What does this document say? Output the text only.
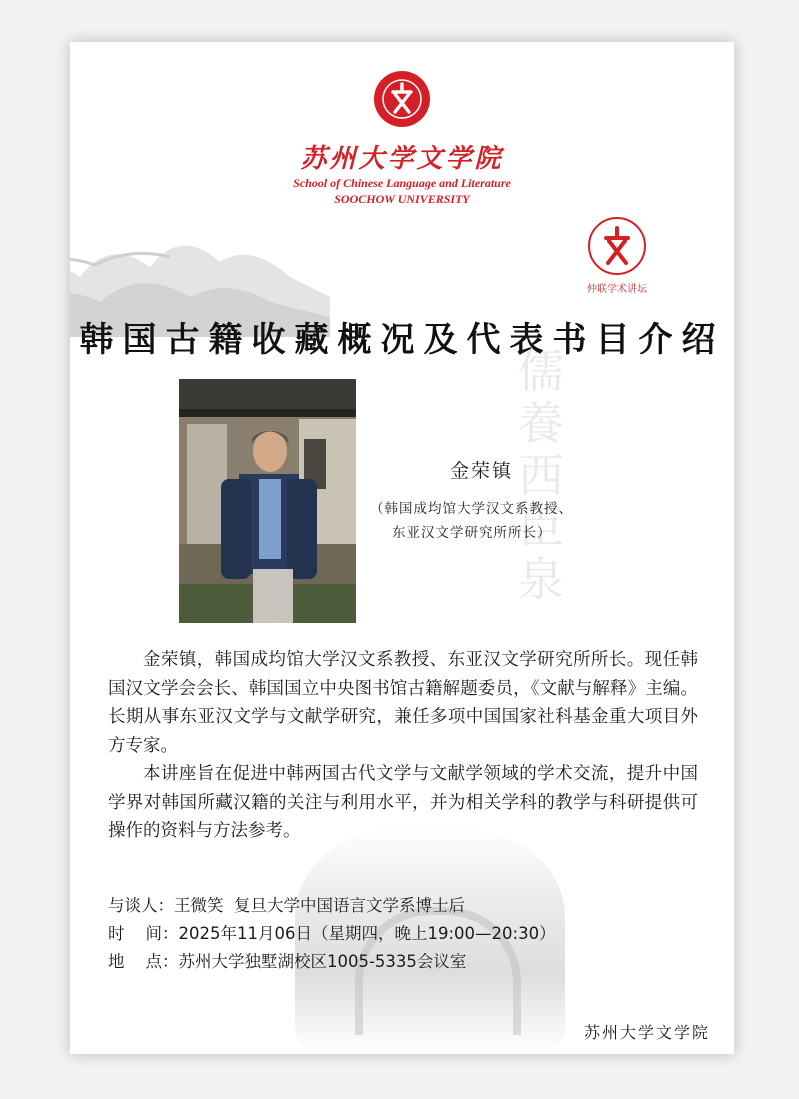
儒養西臣泉
苏州大学文学院
School of Chinese Language and Literature
SOOCHOW UNIVERSITY
仲联学术讲坛
韩国古籍收藏概况及代表书目介绍
金荣镇
（韩国成均馆大学汉文系教授、
东亚汉文学研究所所长）

金荣镇，韩国成均馆大学汉文系教授、东亚汉文学研究所所长。现任韩国汉文学会会长、韩国国立中央图书馆古籍解题委员，《文献与解释》主编。长期从事东亚汉文学与文献学研究，兼任多项中国国家社科基金重大项目外方专家。

本讲座旨在促进中韩两国古代文学与文献学领域的学术交流，提升中国学界对韩国所藏汉籍的关注与利用水平，并为相关学科的教学与科研提供可操作的资料与方法参考。

与谈人： 王微笑  复旦大学中国语言文学系博士后
时    间： 2025年11月06日（星期四，晚上19:00—20:30）
地    点： 苏州大学独墅湖校区1005-5335会议室
苏州大学文学院
